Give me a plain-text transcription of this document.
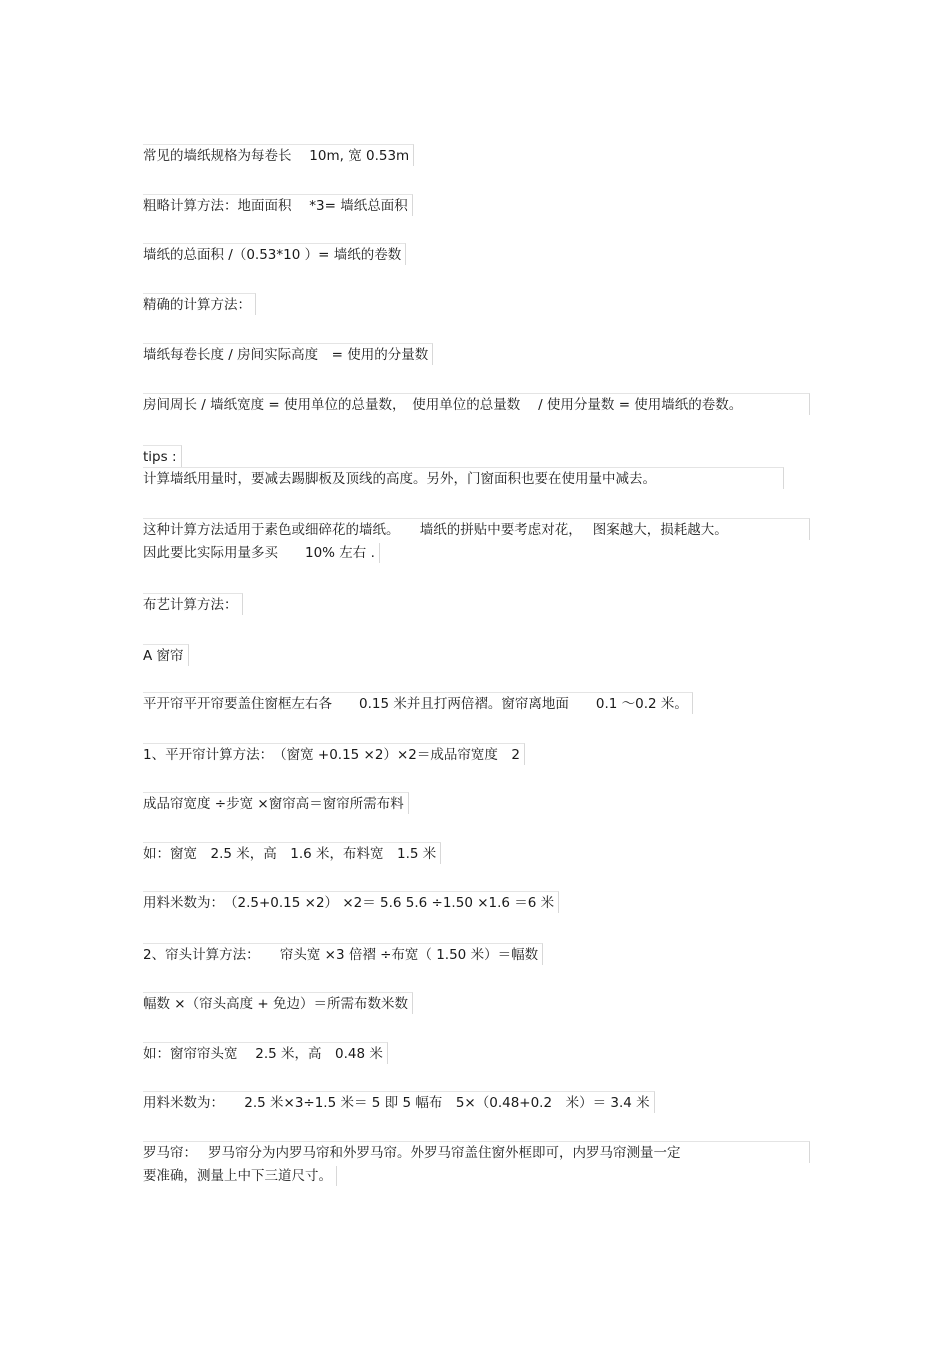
常见的墙纸规格为每卷长　 10m, 宽 0.53m
粗略计算方法：地面面积　 *3= 墙纸总面积
墙纸的总面积 /（0.53*10 ）= 墙纸的卷数
精确的计算方法：
墙纸每卷长度 / 房间实际高度　= 使用的分量数
房间周长 / 墙纸宽度 = 使用单位的总量数，　使用单位的总量数　 / 使用分量数 = 使用墙纸的卷数。
tips :
计算墙纸用量时，要减去踢脚板及顶线的高度。另外，门窗面积也要在使用量中减去。
这种计算方法适用于素色或细碎花的墙纸。　　墙纸的拼贴中要考虑对花，　 图案越大，损耗越大。
因此要比实际用量多买　　10% 左右 .
布艺计算方法：
A 窗帘
平开帘平开帘要盖住窗框左右各　　0.15 米并且打两倍褶。窗帘离地面　　0.1 ～0.2 米。
1、平开帘计算方法：　（窗宽 +0.15 ×2）×2＝成品帘宽度　2
成品帘宽度 ÷步宽 ×窗帘高＝窗帘所需布料
如：窗宽　2.5 米，高　1.6 米，布料宽　1.5 米
用料米数为：　（2.5+0.15 ×2） ×2＝ 5.6 5.6 ÷1.50 ×1.6 ＝6 米
2、帘头计算方法：　　帘头宽 ×3 倍褶 ÷布宽（ 1.50 米）＝幅数
幅数 ×（帘头高度 + 免边）＝所需布数米数
如：窗帘帘头宽　 2.5 米，高　0.48 米
用料米数为：　　2.5 米×3÷1.5 米＝ 5 即 5 幅布　5×（0.48+0.2　米）＝ 3.4 米
罗马帘：　 罗马帘分为内罗马帘和外罗马帘。外罗马帘盖住窗外框即可，内罗马帘测量一定
要准确，测量上中下三道尺寸。
